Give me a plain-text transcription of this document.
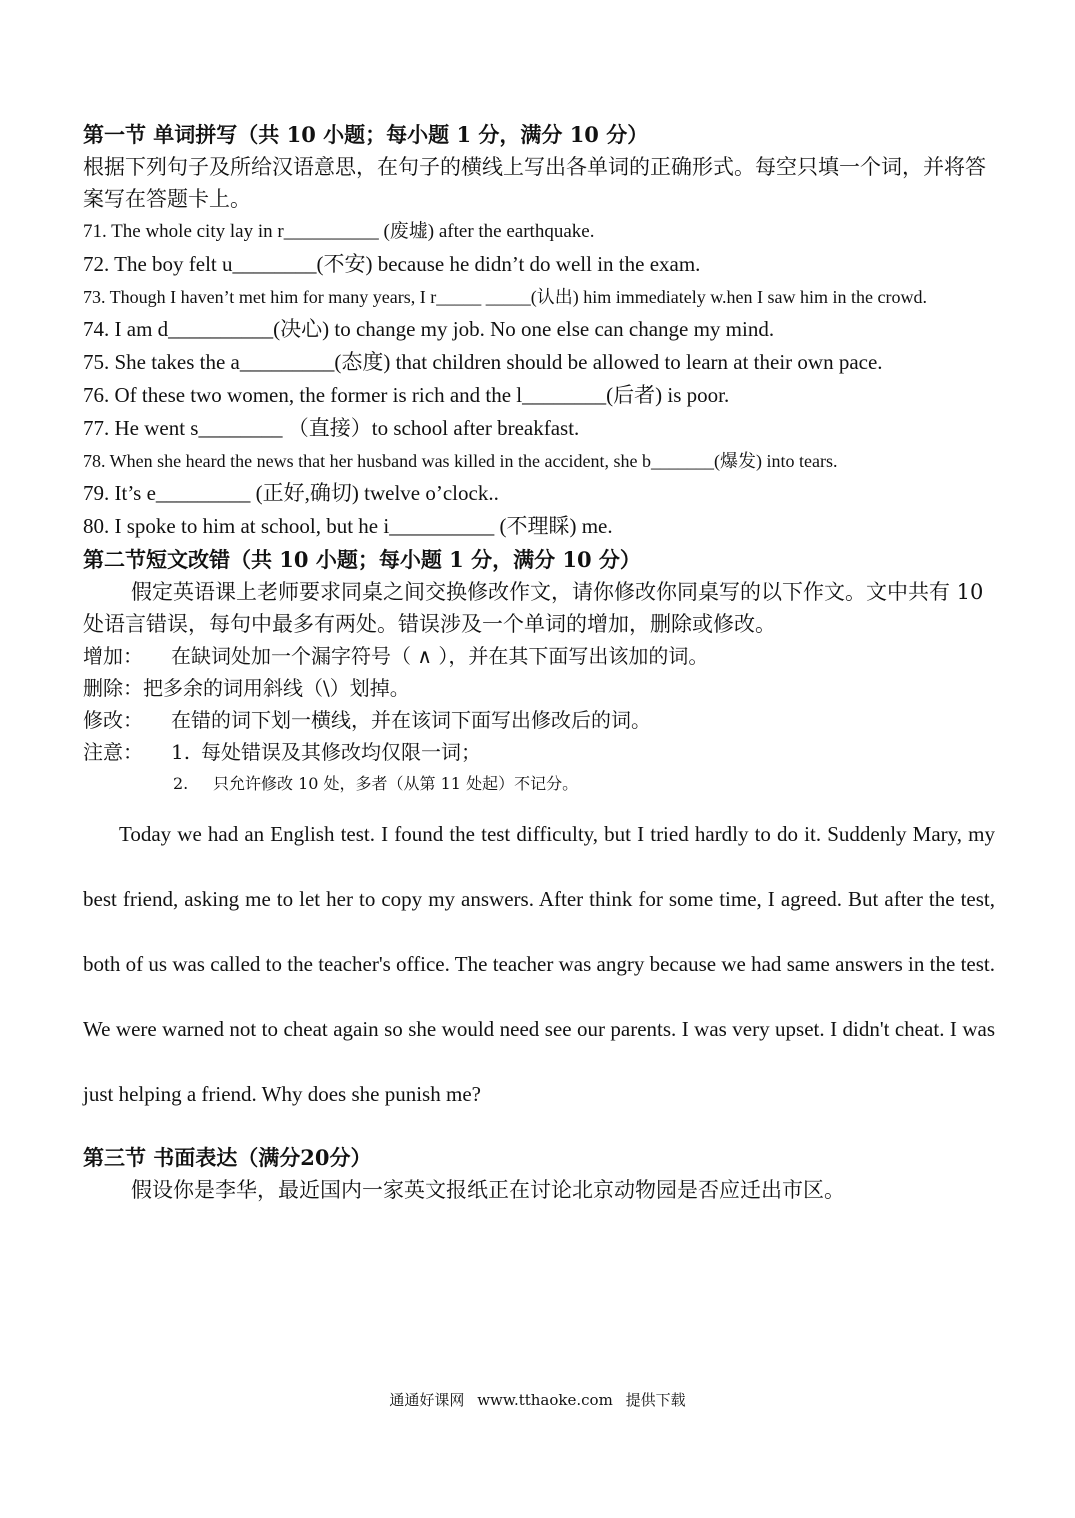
第一节 单词拼写（共 10 小题；每小题 1 分，满分 10 分）
根据下列句子及所给汉语意思，在句子的横线上写出各单词的正确形式。每空只填一个词，并将答案写在答题卡上。
71. The whole city lay in r__________ (废墟) after the earthquake.
72. The boy felt u________(不安) because he didn’t do well in the exam.
73. Though I haven’t met him for many years, I r_____ _____(认出) him immediately w.hen I saw him in the crowd.
74. I am d__________(决心) to change my job. No one else can change my mind.
75. She takes the a_________(态度) that children should be allowed to learn at their own pace.
76. Of these two women, the former is rich and the l________(后者) is poor.
77. He went s________ （直接）to school after breakfast.
78. When she heard the news that her husband was killed in the accident, she b_______(爆发) into tears.
79. It’s e_________ (正好,确切) twelve o’clock..
80. I spoke to him at school, but he i__________ (不理睬) me.
第二节短文改错（共 10 小题；每小题 1 分，满分 10 分）
假定英语课上老师要求同桌之间交换修改作文，请你修改你同桌写的以下作文。文中共有 10 处语言错误，每句中最多有两处。错误涉及一个单词的增加，删除或修改。
增加： 在缺词处加一个漏字符号（ ∧ ），并在其下面写出该加的词。
删除：把多余的词用斜线（\）划掉。
修改： 在错的词下划一横线，并在该词下面写出修改后的词。
注意： 1. 每处错误及其修改均仅限一词；
2. 只允许修改 10 处，多者（从第 11 处起）不记分。
Today we had an English test. I found the test difficulty, but I tried hardly to do it. Suddenly Mary, my best friend, asking me to let her to copy my answers. After think for some time, I agreed. But after the test, both of us was called to the teacher's office. The teacher was angry because we had same answers in the test. We were warned not to cheat again so she would need see our parents. I was very upset. I didn't cheat. I was just helping a friend. Why does she punish me?
第三节 书面表达（满分20分）
假设你是李华，最近国内一家英文报纸正在讨论北京动物园是否应迁出市区。
通通好课网 www.tthaoke.com 提供下载
